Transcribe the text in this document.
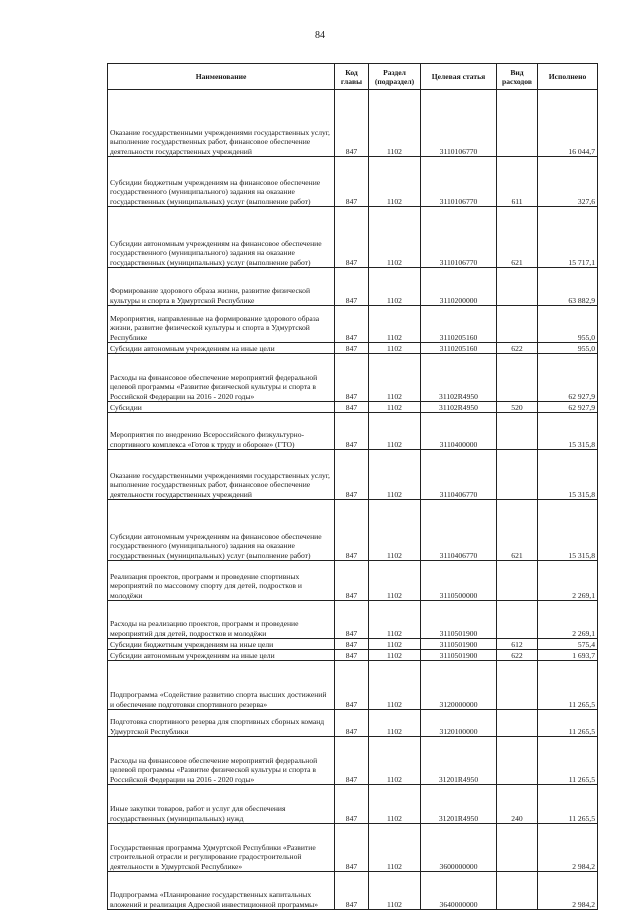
84
Наименование	Код главы	Раздел (подраздел)	Целевая статья	Вид расходов	Исполнено
Оказание государственными учреждениями государственных услуг, выполнение государственных работ, финансовое обеспечение деятельности государственных учреждений	847	1102	3110106770		16 044,7
Субсидии бюджетным учреждениям на финансовое обеспечение государственного (муниципального) задания на оказание государственных (муниципальных) услуг (выполнение работ)	847	1102	3110106770	611	327,6
Субсидии автономным учреждениям на финансовое обеспечение государственного (муниципального) задания на оказание государственных (муниципальных) услуг (выполнение работ)	847	1102	3110106770	621	15 717,1
Формирование здорового образа жизни, развитие физической культуры и спорта в Удмуртской Республике	847	1102	3110200000		63 882,9
Мероприятия, направленные на формирование здорового образа жизни, развитие физической культуры и спорта в Удмуртской Республике	847	1102	3110205160		955,0
Субсидии автономным учреждениям на иные цели	847	1102	3110205160	622	955,0
Расходы на финансовое обеспечение мероприятий федеральной целевой программы «Развитие физической культуры и спорта в Российской Федерации на 2016 - 2020 годы»	847	1102	31102R4950		62 927,9
Субсидии	847	1102	31102R4950	520	62 927,9
Мероприятия по внедрению Всероссийского физкультурно-спортивного комплекса «Готов к труду и обороне» (ГТО)	847	1102	3110400000		15 315,8
Оказание государственными учреждениями государственных услуг, выполнение государственных работ, финансовое обеспечение деятельности государственных учреждений	847	1102	3110406770		15 315,8
Субсидии автономным учреждениям на финансовое обеспечение государственного (муниципального) задания на оказание государственных (муниципальных) услуг (выполнение работ)	847	1102	3110406770	621	15 315,8
Реализация проектов, программ и проведение спортивных мероприятий по массовому спорту для детей, подростков и молодёжи	847	1102	3110500000		2 269,1
Расходы на реализацию проектов, программ и проведение мероприятий для детей, подростков и молодёжи	847	1102	3110501900		2 269,1
Субсидии бюджетным учреждениям на иные цели	847	1102	3110501900	612	575,4
Субсидии автономным учреждениям на иные цели	847	1102	3110501900	622	1 693,7
Подпрограмма «Содействие развитию спорта высших достижений и обеспечение подготовки спортивного резерва»	847	1102	3120000000		11 265,5
Подготовка спортивного резерва для спортивных сборных команд Удмуртской Республики	847	1102	3120100000		11 265,5
Расходы на финансовое обеспечение мероприятий федеральной целевой программы «Развитие физической культуры и спорта в Российской Федерации на 2016 - 2020 годы»	847	1102	31201R4950		11 265,5
Иные закупки товаров, работ и услуг для обеспечения государственных (муниципальных) нужд	847	1102	31201R4950	240	11 265,5
Государственная программа Удмуртской Республики «Развитие строительной отрасли и регулирование градостроительной деятельности в Удмуртской Республике»	847	1102	3600000000		2 984,2
Подпрограмма «Планирование государственных капитальных вложений и реализация Адресной инвестиционной программы»	847	1102	3640000000		2 984,2
